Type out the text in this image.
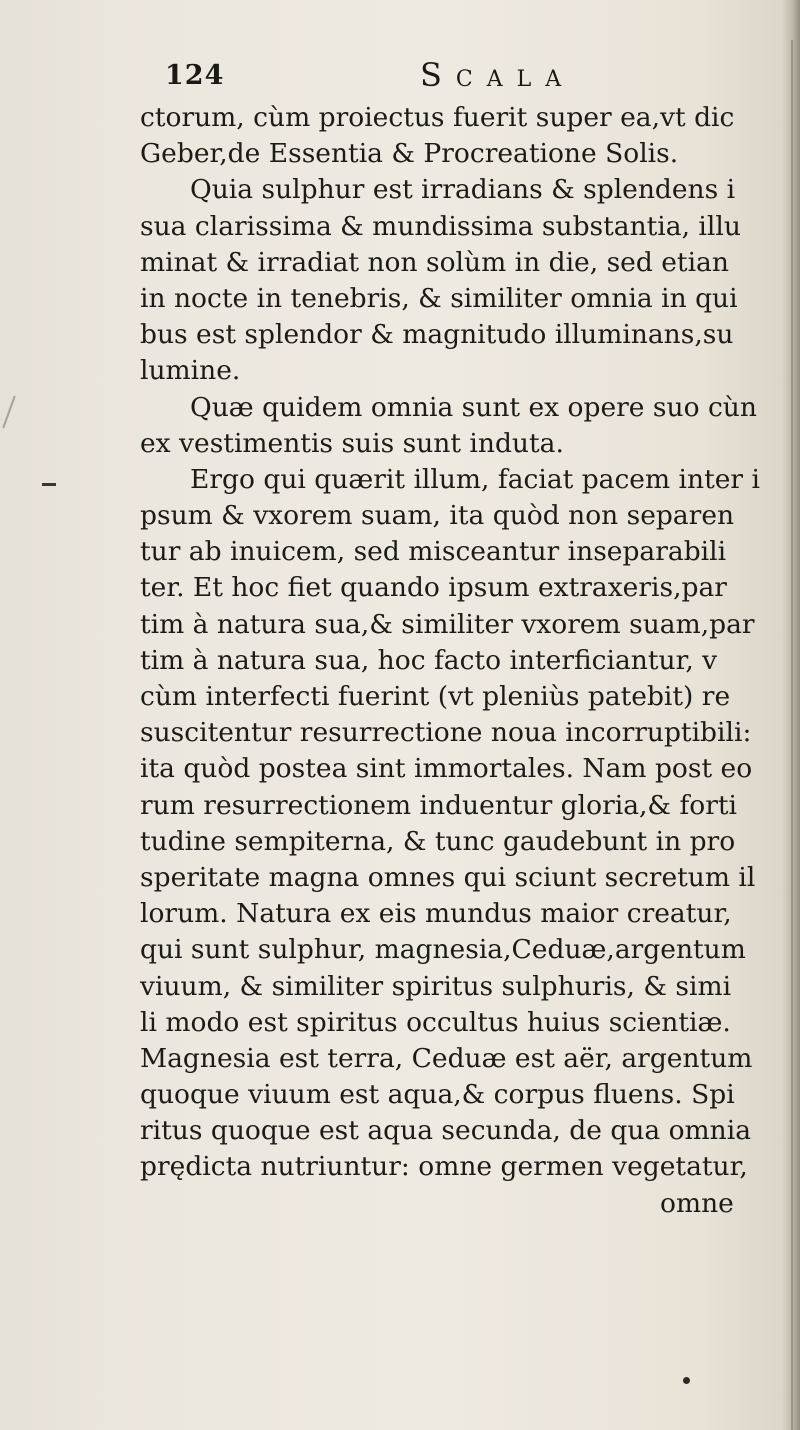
124	Scala
ctorum, cùm proiectus fuerit super ea,vt dic
Geber,de Essentia & Procreatione Solis.
Quia sulphur est irradians & splendens i
sua clarissima & mundissima substantia, illu
minat & irradiat non solùm in die, sed etian
in nocte in tenebris, & similiter omnia in qui
bus est splendor & magnitudo illuminans,su
lumine.
Quæ quidem omnia sunt ex opere suo cùn
ex vestimentis suis sunt induta.
Ergo qui quærit illum, faciat pacem inter i
psum & vxorem suam, ita quòd non separen
tur ab inuicem, sed misceantur inseparabili
ter. Et hoc fiet quando ipsum extraxeris,par
tim à natura sua,& similiter vxorem suam,par
tim à natura sua, hoc facto interficiantur, v
cùm interfecti fuerint (vt pleniùs patebit) re
suscitentur resurrectione noua incorruptibili:
ita quòd postea sint immortales. Nam post eo
rum resurrectionem induentur gloria,& forti
tudine sempiterna, & tunc gaudebunt in pro
speritate magna omnes qui sciunt secretum il
lorum. Natura ex eis mundus maior creatur,
qui sunt sulphur, magnesia,Ceduæ,argentum
viuum, & similiter spiritus sulphuris, & simi
li modo est spiritus occultus huius scientiæ.
Magnesia est terra, Ceduæ est aër, argentum
quoque viuum est aqua,& corpus fluens. Spi
ritus quoque est aqua secunda, de qua omnia
prędicta nutriuntur: omne germen vegetatur,
omne
